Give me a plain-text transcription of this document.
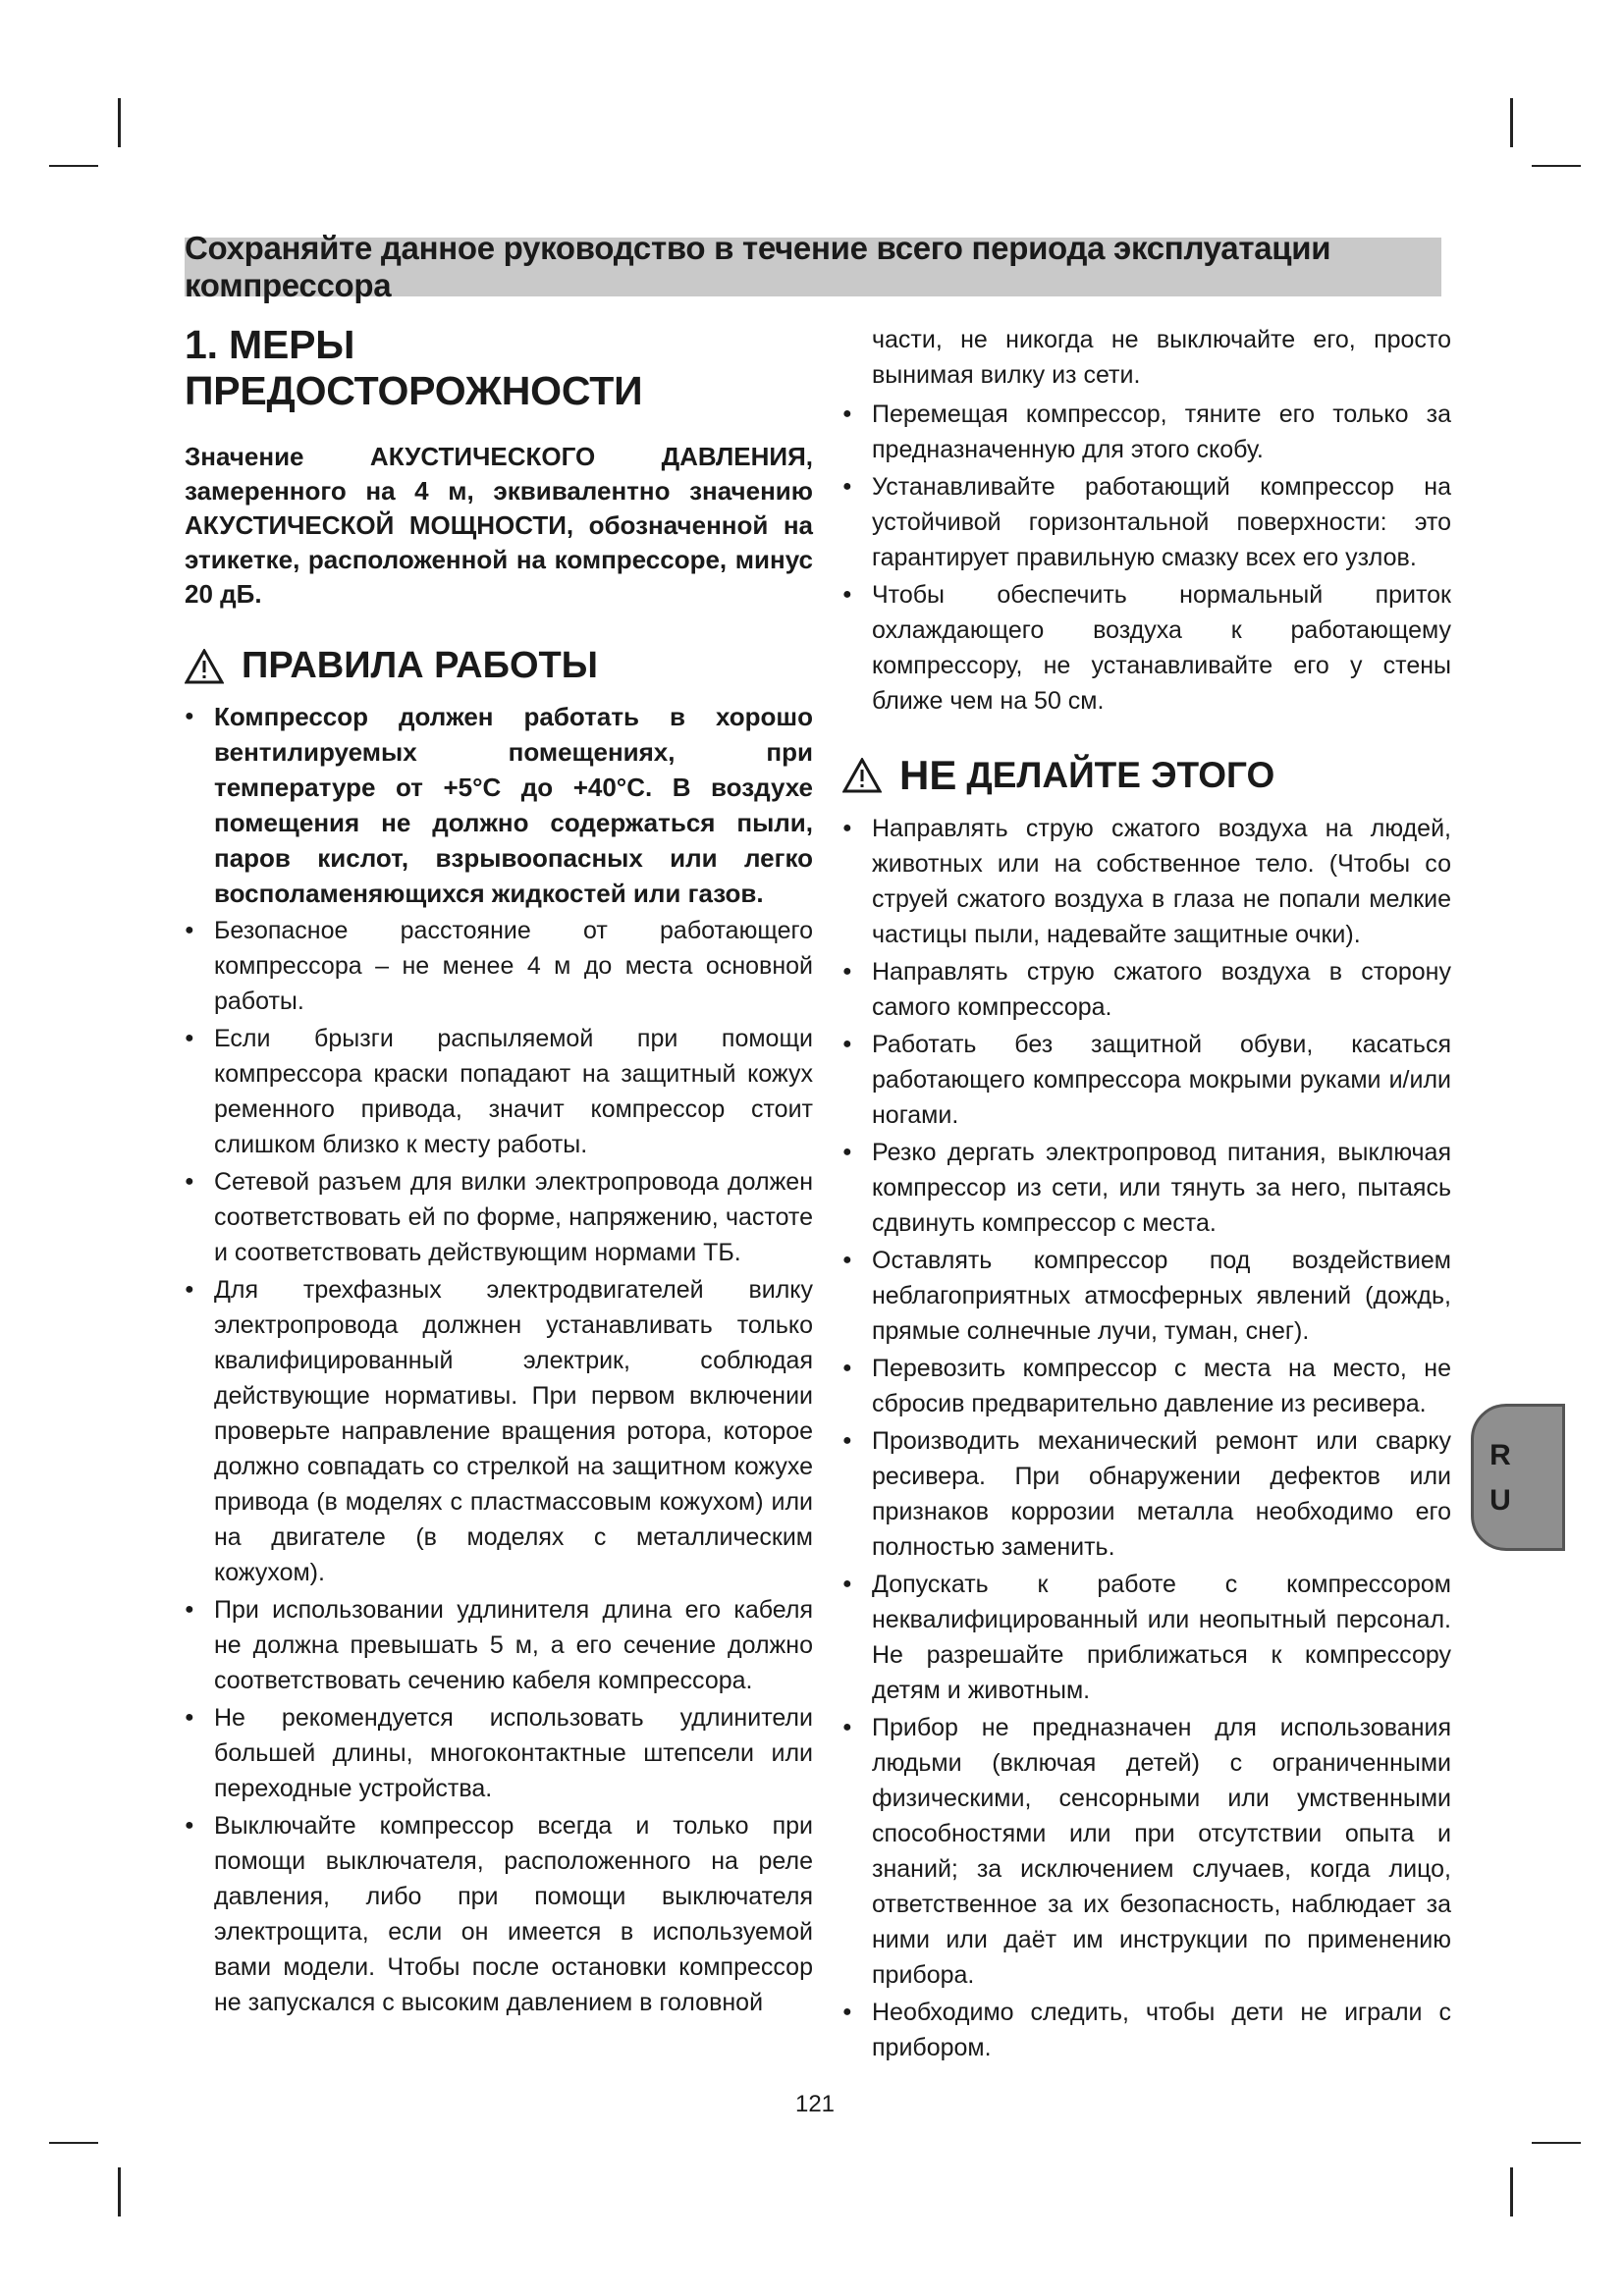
Сохраняйте данное руководство в течение всего периода эксплуатации компрессора
1. МЕРЫ ПРЕДОСТОРОЖНОСТИ

Значение АКУСТИЧЕСКОГО ДАВЛЕНИЯ, замеренного на 4 м, эквивалентно значению АКУСТИЧЕСКОЙ МОЩНОСТИ, обозначенной на этикетке, расположенной на компрессоре, минус 20 дБ.

ПРАВИЛА РАБОТЫ
● Компрессор должен работать в хорошо вентилируемых помещениях, при температуре от +5°С до +40°С. В воздухе помещения не должно содержаться пыли, паров кислот, взрывоопасных или легко восполаменяющихся жидкостей или газов.
● Безопасное расстояние от работающего компрессора – не менее 4 м до места основной работы.
● Если брызги распыляемой при помощи компрессора краски попадают на защитный кожух ременного привода, значит компрессор стоит слишком близко к месту работы.
● Сетевой разъем для вилки электропровода должен соответствовать ей по форме, напряжению, частоте и соответствовать действующим нормами ТБ.
● Для трехфазных электродвигателей вилку электропровода должнен устанавливать только квалифицированный электрик, соблюдая действующие нормативы. При первом включении проверьте направление вращения ротора, которое должно совпадать со стрелкой на защитном кожухе привода (в моделях с пластмассовым кожухом) или на двигателе (в моделях с металлическим кожухом).
● При использовании удлинителя длина его кабеля не должна превышать 5 м, а его сечение должно соответствовать сечению кабеля компрессора.
● Не рекомендуется использовать удлинители большей длины, многоконтактные штепсели или переходные устройства.
● Выключайте компрессор всегда и только при помощи выключателя, расположенного на реле давления, либо при помощи выключателя электрощита, если он имеется в используемой вами модели. Чтобы после остановки компрессор не запускался с высоким давлением в головной

части, не никогда не выключайте его, просто вынимая вилку из сети.

● Перемещая компрессор, тяните его только за предназначенную для этого скобу.
● Устанавливайте работающий компрессор на устойчивой горизонтальной поверхности: это гарантирует правильную смазку всех его узлов.
● Чтобы обеспечить нормальный приток охлаждающего воздуха к работающему компрессору, не устанавливайте его у стены ближе чем на 50 см.
НЕ ДЕЛАЙТЕ ЭТОГО
● Направлять струю сжатого воздуха на людей, животных или на собственное тело. (Чтобы со струей сжатого воздуха в глаза не попали мелкие частицы пыли, надевайте защитные очки).
● Направлять струю сжатого воздуха в сторону самого компрессора.
● Работать без защитной обуви, касаться работающего компрессора мокрыми руками и/или ногами.
● Резко дергать электропровод питания, выключая компрессор из сети, или тянуть за него, пытаясь сдвинуть компрессор с места.
● Оставлять компрессор под воздействием неблагоприятных атмосферных явлений (дождь, прямые солнечные лучи, туман, снег).
● Перевозить компрессор с места на место, не сбросив предварительно давление из ресивера.
● Производить механический ремонт или сварку ресивера. При обнаружении дефектов или признаков коррозии металла необходимо его полностью заменить.
● Допускать к работе с компрессором неквалифицированный или неопытный персонал. Не разрешайте приближаться к компрессору детям и животным.
● Прибор не предназначен для использования людьми (включая детей) с ограниченными физическими, сенсорными или умственными способностями или при отсутствии опыта и знаний; за исключением случаев, когда лицо, ответственное за их безопасность, наблюдает за ними или даёт им инструкции по применению прибора.
● Необходимо следить, чтобы дети не играли с прибором.
R
U
121
